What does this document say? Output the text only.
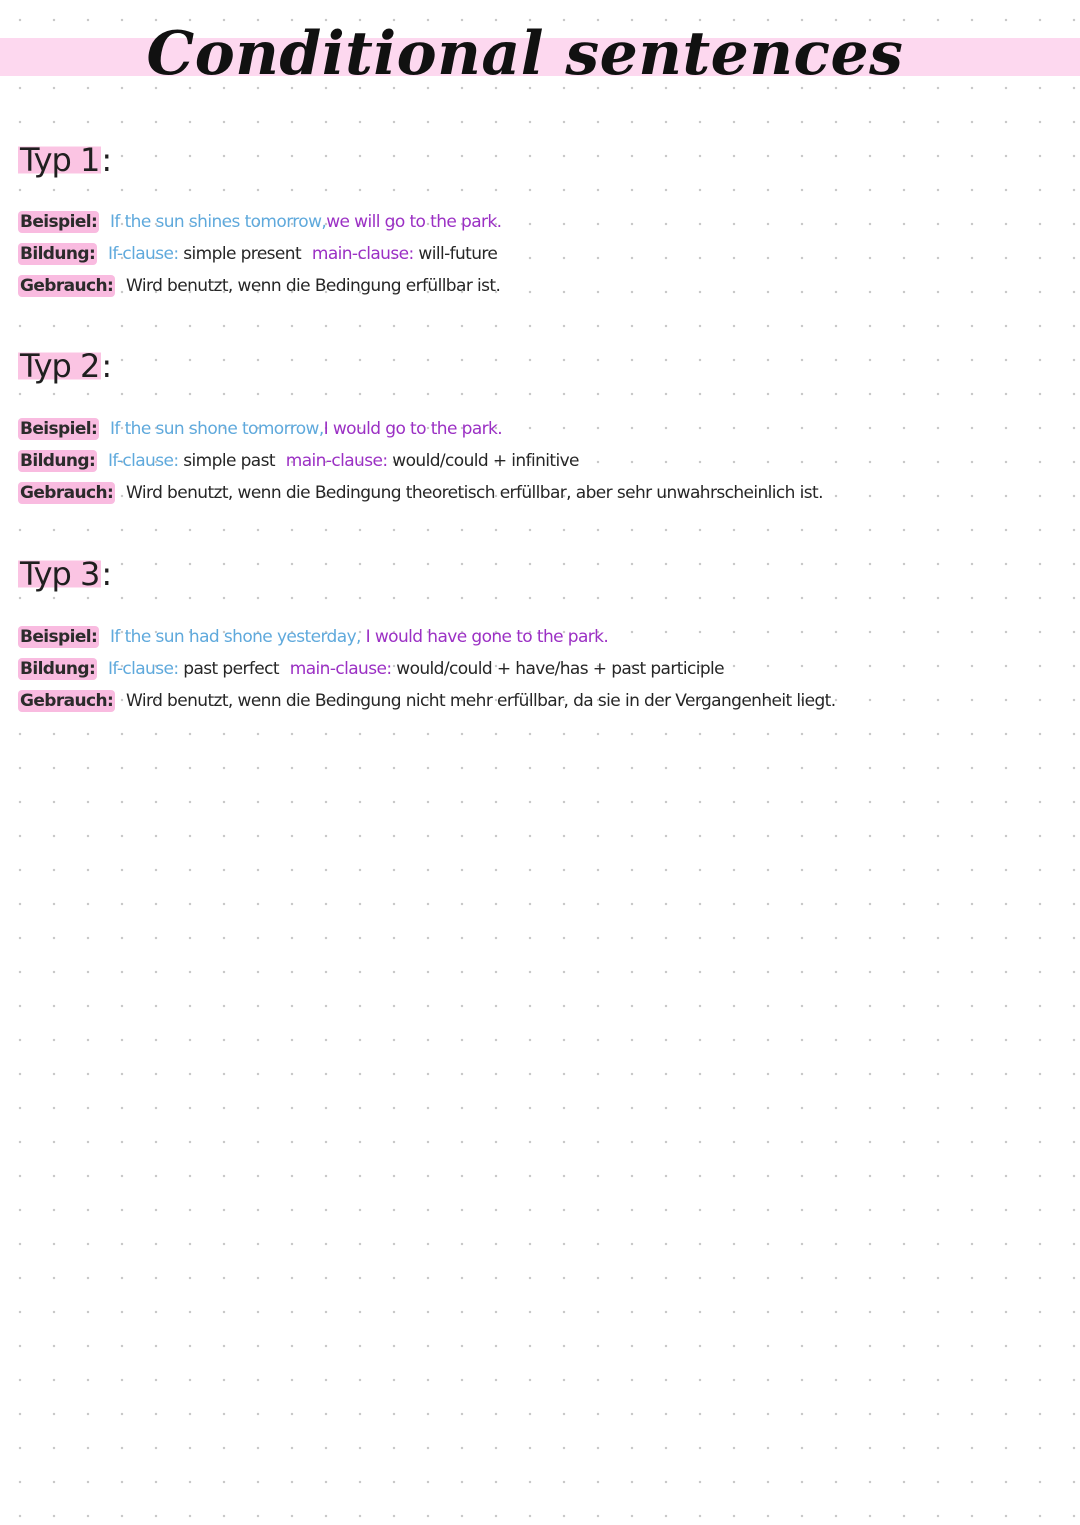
Conditional sentences
Typ 1:
Beispiel: If the sun shines tomorrow,we will go to the park.
Bildung: If-clause: simple present main-clause: will-future
Gebrauch: Wird benutzt, wenn die Bedingung erfüllbar ist.
Typ 2:
Beispiel: If the sun shone tomorrow,I would go to the park.
Bildung: If-clause: simple past main-clause: would/could + infinitive
Gebrauch: Wird benutzt, wenn die Bedingung theoretisch erfüllbar, aber sehr unwahrscheinlich ist.
Typ 3:
Beispiel: If the sun had shone yesterday, I would have gone to the park.
Bildung: If-clause: past perfect main-clause: would/could + have/has + past participle
Gebrauch: Wird benutzt, wenn die Bedingung nicht mehr erfüllbar, da sie in der Vergangenheit liegt.
